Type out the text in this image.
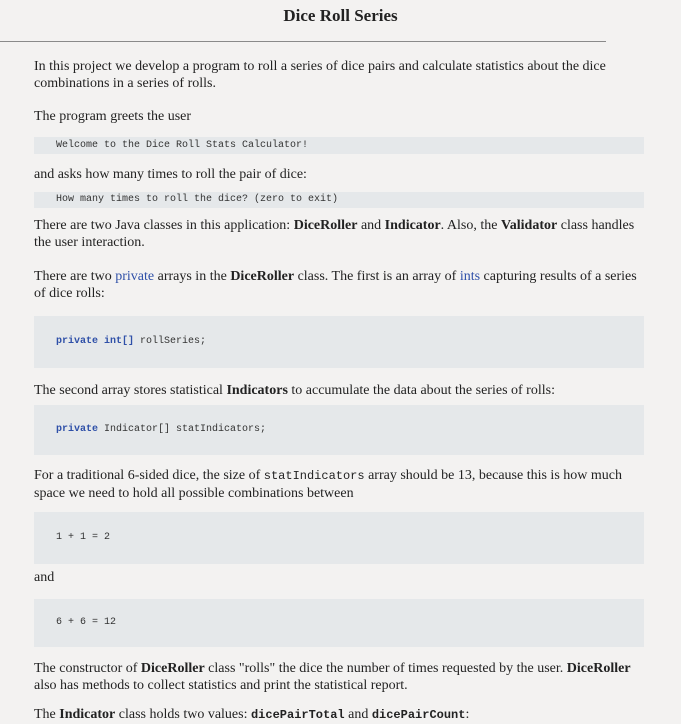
Dice Roll Series

In this project we develop a program to roll a series of dice pairs and calculate statistics about the dice combinations in a series of rolls.

The program greets the user

Welcome to the Dice Roll Stats Calculator!

and asks how many times to roll the pair of dice:

How many times to roll the dice? (zero to exit)

There are two Java classes in this application: DiceRoller and Indicator. Also, the Validator class handles the user interaction.

There are two private arrays in the DiceRoller class. The first is an array of ints capturing results of a series of dice rolls:

private int[] rollSeries;

The second array stores statistical Indicators to accumulate the data about the series of rolls:

private Indicator[] statIndicators;

For a traditional 6-sided dice, the size of statIndicators array should be 13, because this is how much space we need to hold all possible combinations between

1 + 1 = 2

and

6 + 6 = 12

The constructor of DiceRoller class "rolls" the dice the number of times requested by the user. DiceRoller also has methods to collect statistics and print the statistical report.

The Indicator class holds two values: dicePairTotal and dicePairCount:
